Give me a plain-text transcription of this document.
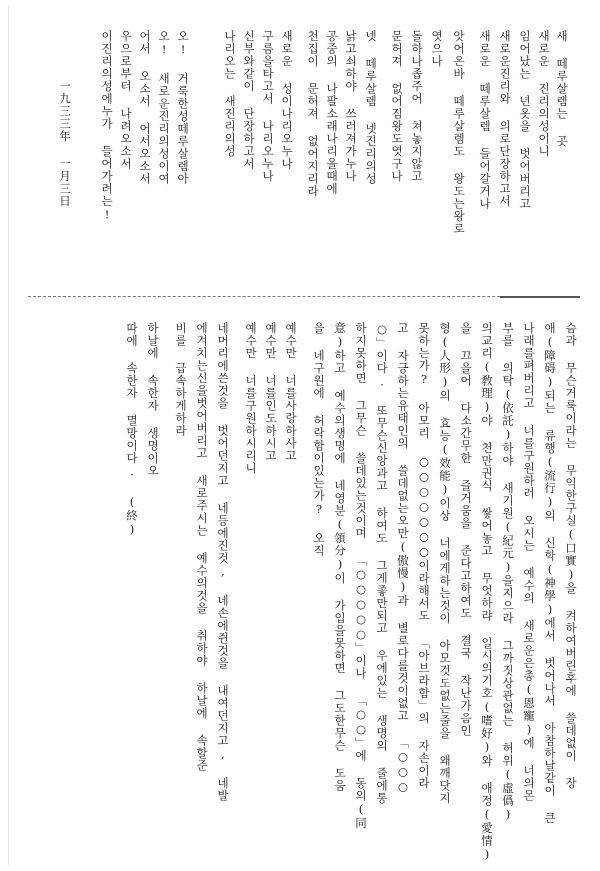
새 떼루살렘는 곳
새로운 진리의성이니
임어났는 년옷을 벗어버리고
새로운진리와 의로단장하고서
새로운 떼루살렘 들어갈거나
앗어온바 떼루살렘도 왕도는왕로
엿으나
돌하나좁주어 쳐놓지않고
문허져 없어짐왕도엿구나
넷 떼루살렘 넷진리의성
낡고쇠하야 쓰러져가누나
공중의 나팔소래나리올때에
천집이 문허져 없어지리라
새로운 성이나리오누나
구름을타고서 나리오누나
신부와같이 단장하고서
나리오는 새진리의성
오! 거룩한성떼루살렘아
오! 새로운진리의성이여
어서 오소서 어서오소서
우으로부터 나려오소서
이진리의성에누가 들어가려는!
一九三三年 一月三日
슴과 무슨거룩이라는 무익한구실(口實)을 켜하여버린후에 쓸데없이 장
애(障碍)되는 류행(流行)의 신학(神學)에서 벗어나서 아참하날같이 큰
나래를펴버리고 너를구원하러 오시는 예수의 새로운은총(恩寵)에 너의몬
부를 의탁(依託)하야 새기원(紀元)을지으라 그까짓상관없는 허위(虛僞)
의교리(敎理)야 천만권식 쌓어놓고 무엇하랴 일시의기호(嗜好)와 애정(愛情)
을 끄을어 다소간무한 즐거움을 준다고하여도 결국 작난가음인
형(人形)의 효능(效能)이상 너에게하는것이 아모것도없는줄을 왜깨닷지
못하는가? 아모리 ○○○○○○○이라해서도 「아브라함」의 자손이라
고 자긍하는유태인의 쓸데없는오만(傲慢)과 별로다를것이없고 「○○○
○」이다. 또무슨신앙과고 하여도 그게좋만되고 우에있는 생명의 줄에통
하지못하면 그무슨 쓸데있는것이며 「○○○○○」이나 「○○」에 동의(同
意)하고 예수의생명에 네영분(領分)이 가입을못하면 그도한무슨 도움
을 네구원에 허락함이있는가? 오직
예수만 너를사랑하사고
예수만 너를인도하시고
예수만 너를구원하시리니
네머리에쓴것을 벗어던지고 네등에진것, 네손에쥔것을 내여던지고, 네발
에겨치는신을벗어버리고 새로주시는 예수의것을 취하야 하날에 속할준
비를 급속하게하라
하날에 속한자 생명이오
따에 속한자 멸망이다. (終)
